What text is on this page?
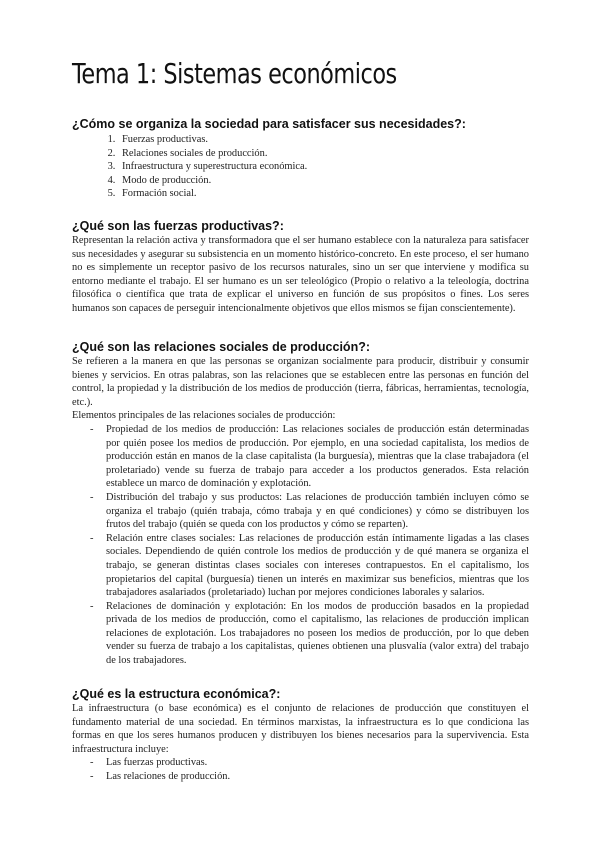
Tema 1: Sistemas económicos
¿Cómo se organiza la sociedad para satisfacer sus necesidades?:
1. Fuerzas productivas.
2. Relaciones sociales de producción.
3. Infraestructura y superestructura económica.
4. Modo de producción.
5. Formación social.
¿Qué son las fuerzas productivas?:

Representan la relación activa y transformadora que el ser humano establece con la naturaleza para satisfacer sus necesidades y asegurar su subsistencia en un momento histórico-concreto. En este proceso, el ser humano no es simplemente un receptor pasivo de los recursos naturales, sino un ser que interviene y modifica su entorno mediante el trabajo. El ser humano es un ser teleológico (Propio o relativo a la teleología, doctrina filosófica o científica que trata de explicar el universo en función de sus propósitos o fines. Los seres humanos son capaces de perseguir intencionalmente objetivos que ellos mismos se fijan conscientemente).

¿Qué son las relaciones sociales de producción?:

Se refieren a la manera en que las personas se organizan socialmente para producir, distribuir y consumir bienes y servicios. En otras palabras, son las relaciones que se establecen entre las personas en función del control, la propiedad y la distribución de los medios de producción (tierra, fábricas, herramientas, tecnología, etc.).

Elementos principales de las relaciones sociales de producción:

- Propiedad de los medios de producción: Las relaciones sociales de producción están determinadas por quién posee los medios de producción. Por ejemplo, en una sociedad capitalista, los medios de producción están en manos de la clase capitalista (la burguesía), mientras que la clase trabajadora (el proletariado) vende su fuerza de trabajo para acceder a los productos generados. Esta relación establece un marco de dominación y explotación.
- Distribución del trabajo y sus productos: Las relaciones de producción también incluyen cómo se organiza el trabajo (quién trabaja, cómo trabaja y en qué condiciones) y cómo se distribuyen los frutos del trabajo (quién se queda con los productos y cómo se reparten).
- Relación entre clases sociales: Las relaciones de producción están íntimamente ligadas a las clases sociales. Dependiendo de quién controle los medios de producción y de qué manera se organiza el trabajo, se generan distintas clases sociales con intereses contrapuestos. En el capitalismo, los propietarios del capital (burguesía) tienen un interés en maximizar sus beneficios, mientras que los trabajadores asalariados (proletariado) luchan por mejores condiciones laborales y salarios.
- Relaciones de dominación y explotación: En los modos de producción basados en la propiedad privada de los medios de producción, como el capitalismo, las relaciones de producción implican relaciones de explotación. Los trabajadores no poseen los medios de producción, por lo que deben vender su fuerza de trabajo a los capitalistas, quienes obtienen una plusvalía (valor extra) del trabajo de los trabajadores.
¿Qué es la estructura económica?:

La infraestructura (o base económica) es el conjunto de relaciones de producción que constituyen el fundamento material de una sociedad. En términos marxistas, la infraestructura es lo que condiciona las formas en que los seres humanos producen y distribuyen los bienes necesarios para la supervivencia. Esta infraestructura incluye:

- Las fuerzas productivas.
- Las relaciones de producción.
